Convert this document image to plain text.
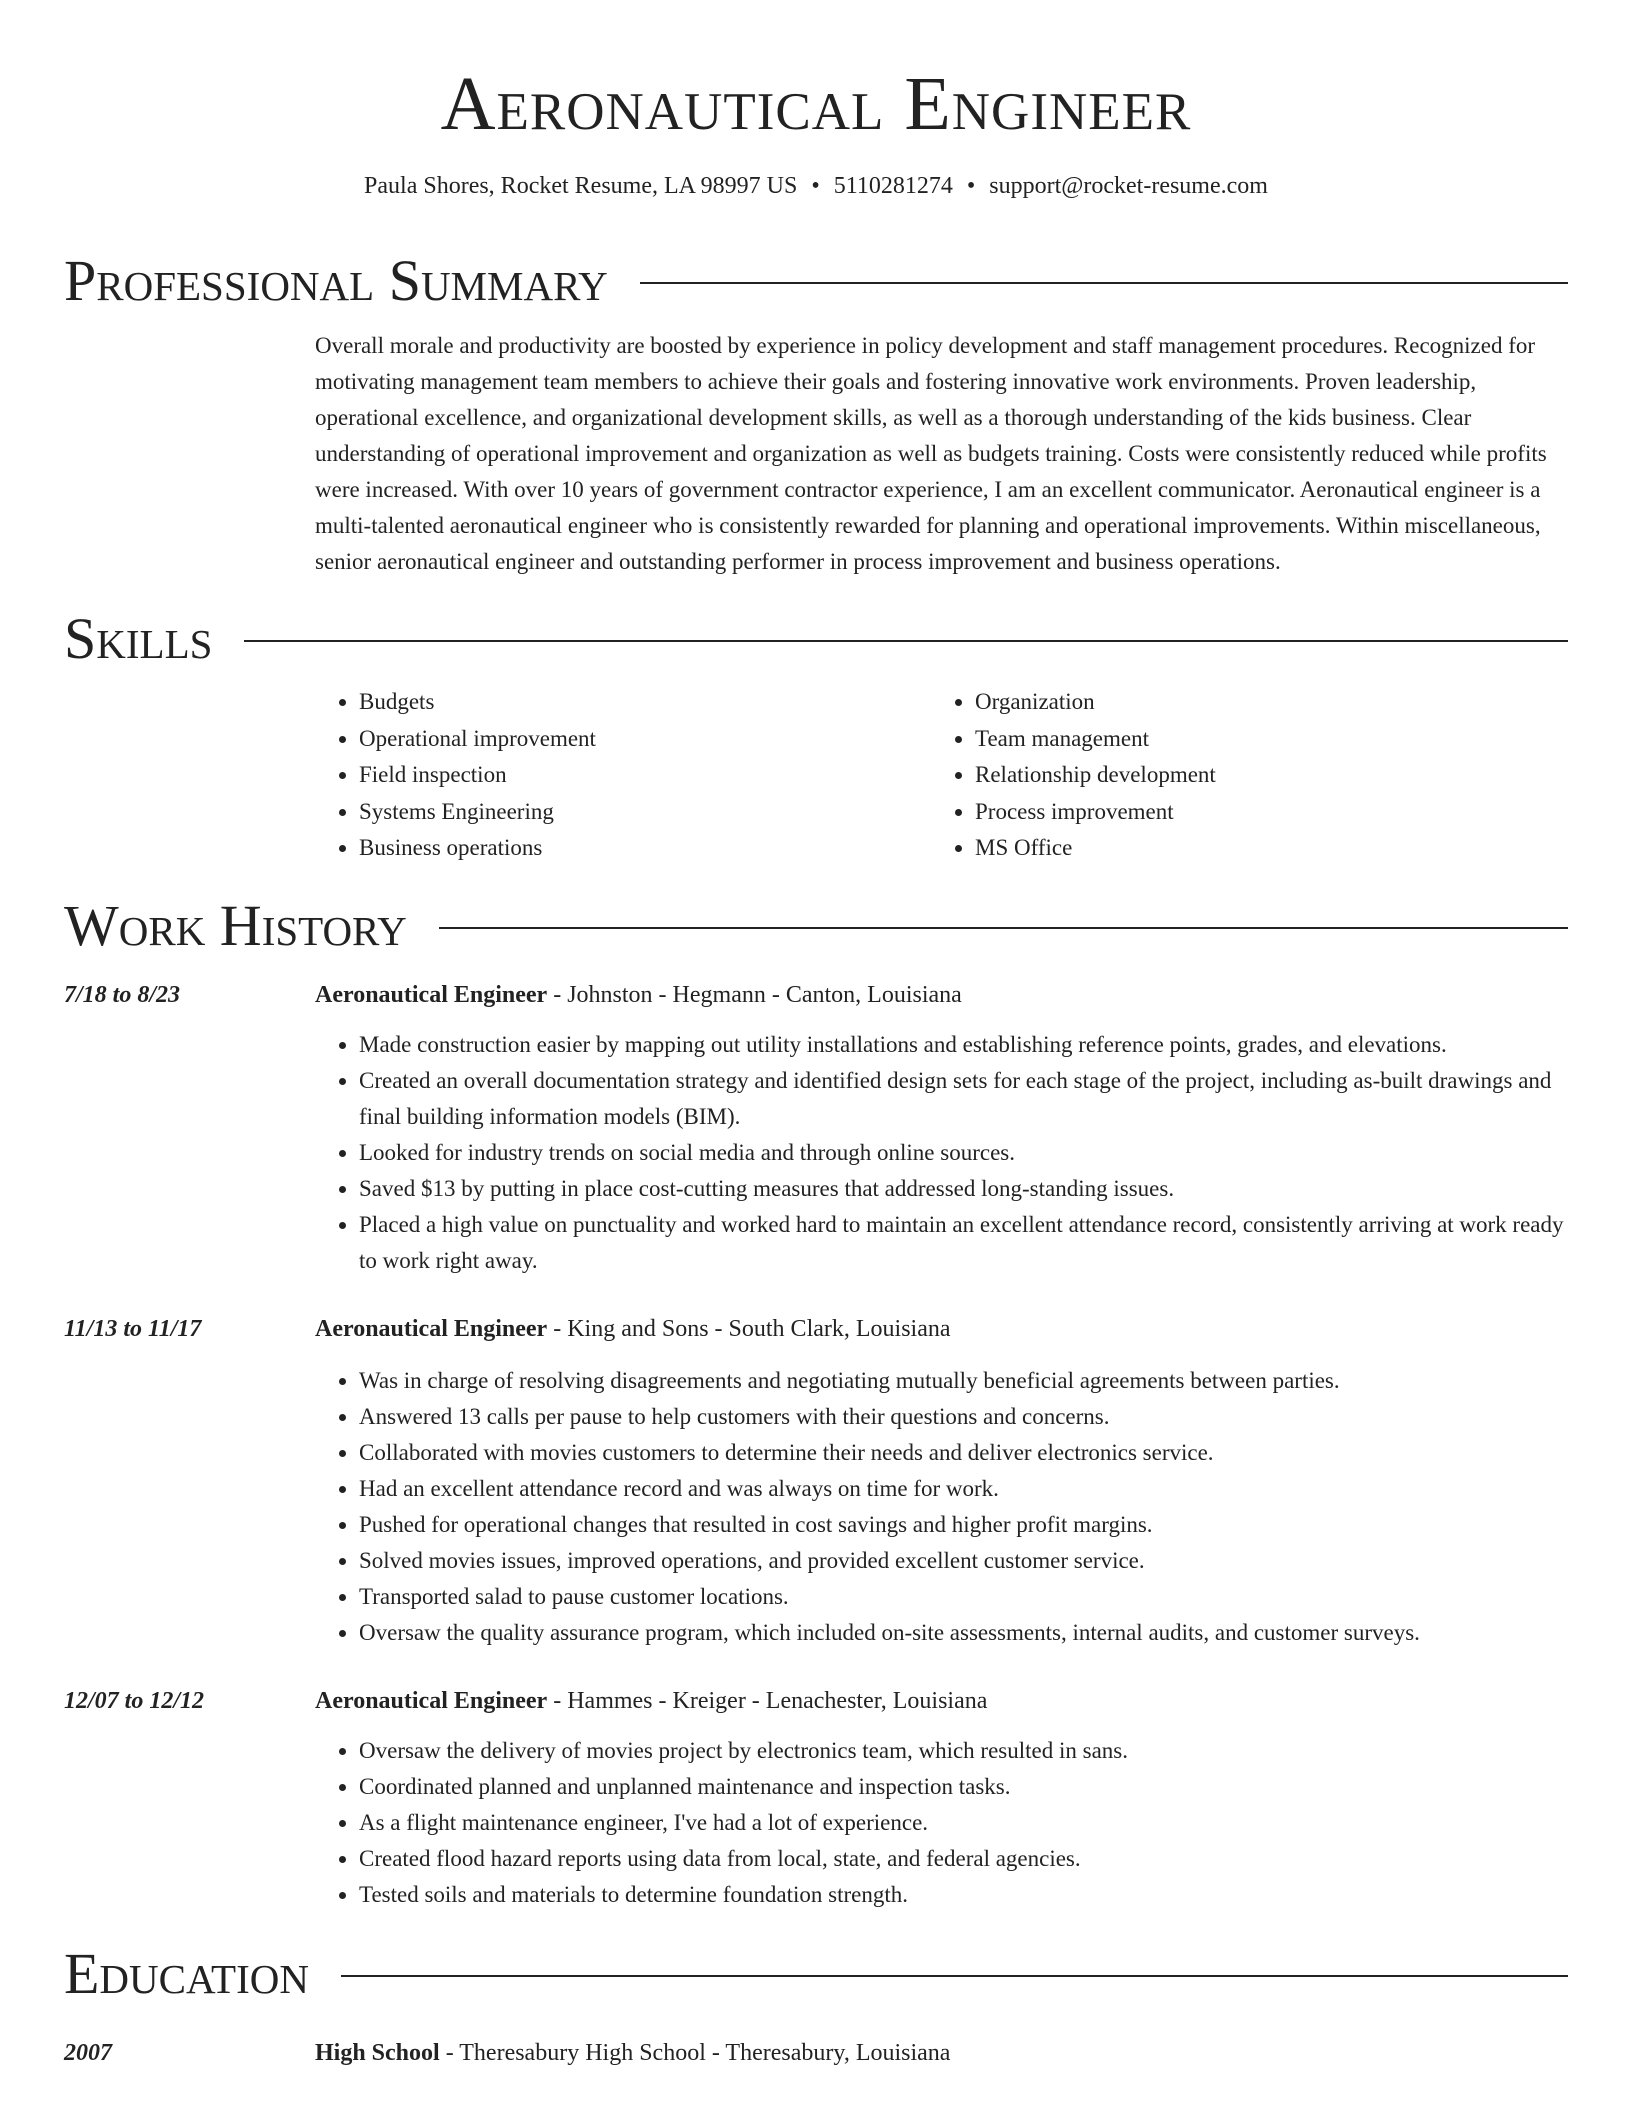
Aeronautical Engineer
Paula Shores, Rocket Resume, LA 98997 US • 5110281274 • support@rocket-resume.com
Professional Summary
Overall morale and productivity are boosted by experience in policy development and staff management procedures. Recognized for motivating management team members to achieve their goals and fostering innovative work environments. Proven leadership, operational excellence, and organizational development skills, as well as a thorough understanding of the kids business. Clear understanding of operational improvement and organization as well as budgets training. Costs were consistently reduced while profits were increased. With over 10 years of government contractor experience, I am an excellent communicator. Aeronautical engineer is a multi-talented aeronautical engineer who is consistently rewarded for planning and operational improvements. Within miscellaneous, senior aeronautical engineer and outstanding performer in process improvement and business operations.
Skills
• Budgets
• Operational improvement
• Field inspection
• Systems Engineering
• Business operations
• Organization
• Team management
• Relationship development
• Process improvement
• MS Office
Work History
7/18 to 8/23	Aeronautical Engineer - Johnston - Hegmann - Canton, Louisiana
• Made construction easier by mapping out utility installations and establishing reference points, grades, and elevations.
• Created an overall documentation strategy and identified design sets for each stage of the project, including as-built drawings and final building information models (BIM).
• Looked for industry trends on social media and through online sources.
• Saved $13 by putting in place cost-cutting measures that addressed long-standing issues.
• Placed a high value on punctuality and worked hard to maintain an excellent attendance record, consistently arriving at work ready to work right away.
11/13 to 11/17	Aeronautical Engineer - King and Sons - South Clark, Louisiana
• Was in charge of resolving disagreements and negotiating mutually beneficial agreements between parties.
• Answered 13 calls per pause to help customers with their questions and concerns.
• Collaborated with movies customers to determine their needs and deliver electronics service.
• Had an excellent attendance record and was always on time for work.
• Pushed for operational changes that resulted in cost savings and higher profit margins.
• Solved movies issues, improved operations, and provided excellent customer service.
• Transported salad to pause customer locations.
• Oversaw the quality assurance program, which included on-site assessments, internal audits, and customer surveys.
12/07 to 12/12	Aeronautical Engineer - Hammes - Kreiger - Lenachester, Louisiana
• Oversaw the delivery of movies project by electronics team, which resulted in sans.
• Coordinated planned and unplanned maintenance and inspection tasks.
• As a flight maintenance engineer, I've had a lot of experience.
• Created flood hazard reports using data from local, state, and federal agencies.
• Tested soils and materials to determine foundation strength.
Education
2007	High School - Theresabury High School - Theresabury, Louisiana
